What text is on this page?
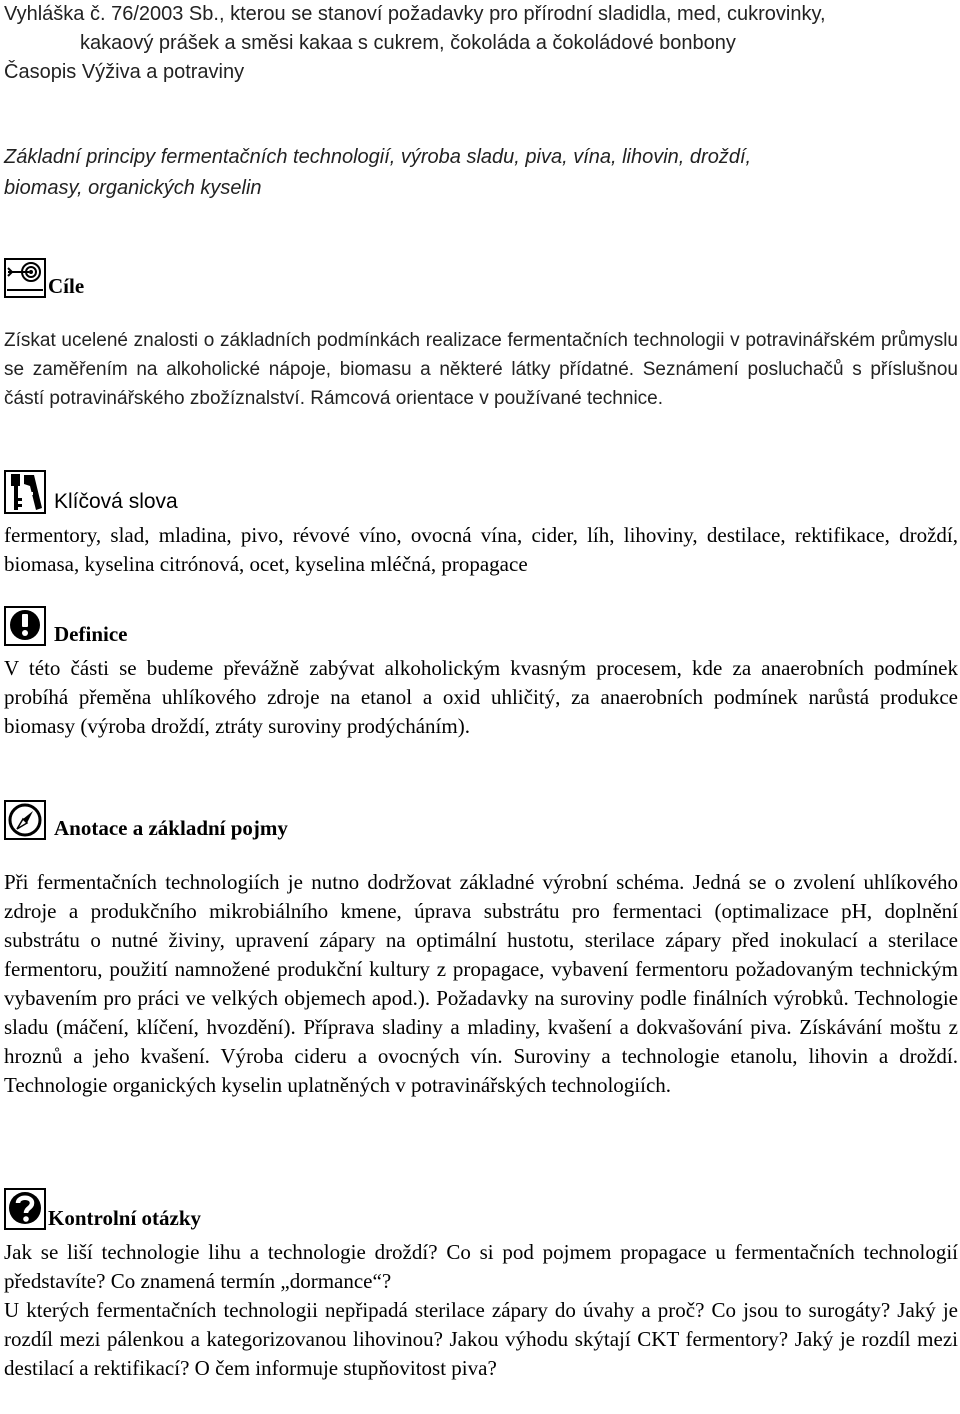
Vyhláška č. 76/2003 Sb., kterou se stanoví požadavky pro přírodní sladidla, med, cukrovinky,
kakaový prášek a směsi kakaa s cukrem, čokoláda a čokoládové bonbony
Časopis Výživa a potraviny
Základní principy fermentačních technologií, výroba sladu, piva, vína, lihovin, droždí,
biomasy, organických kyselin
Cíle
Získat ucelené znalosti o základních podmínkách realizace fermentačních technologii v potravinářském průmyslu se zaměřením na alkoholické nápoje, biomasu a některé látky přídatné. Seznámení posluchačů s příslušnou částí potravinářského zbožíznalství. Rámcová orientace v používané technice.
Klíčová slova
fermentory, slad, mladina, pivo, révové víno, ovocná vína, cider, líh, lihoviny, destilace, rektifikace, droždí, biomasa, kyselina citrónová, ocet, kyselina mléčná, propagace
Definice
V této části se budeme převážně zabývat alkoholickým kvasným procesem, kde za anaerobních podmínek probíhá přeměna uhlíkového zdroje na etanol a oxid uhličitý, za anaerobních podmínek narůstá produkce biomasy (výroba droždí, ztráty suroviny prodýcháním).
Anotace a základní pojmy
Při fermentačních technologiích je nutno dodržovat základné výrobní schéma. Jedná se o zvolení uhlíkového zdroje a produkčního mikrobiálního kmene, úprava substrátu pro fermentaci (optimalizace pH, doplnění substrátu o nutné živiny, upravení zápary na optimální hustotu, sterilace zápary před inokulací a sterilace fermentoru, použití namnožené produkční kultury z propagace, vybavení fermentoru požadovaným technickým vybavením pro práci ve velkých objemech apod.). Požadavky na suroviny podle finálních výrobků. Technologie sladu (máčení, klíčení, hvozdění). Příprava sladiny a mladiny, kvašení a dokvašování piva. Získávání moštu z hroznů a jeho kvašení. Výroba cideru a ovocných vín. Suroviny a technologie etanolu, lihovin a droždí. Technologie organických kyselin uplatněných v potravinářských technologiích.
Kontrolní otázky
Jak se liší technologie lihu a technologie droždí? Co si pod pojmem propagace u fermentačních technologií představíte? Co znamená termín „dormance“?
U kterých fermentačních technologii nepřipadá sterilace zápary do úvahy a proč? Co jsou to surogáty? Jaký je rozdíl mezi pálenkou a kategorizovanou lihovinou? Jakou výhodu skýtají CKT fermentory? Jaký je rozdíl mezi destilací a rektifikací? O čem informuje stupňovitost piva?
